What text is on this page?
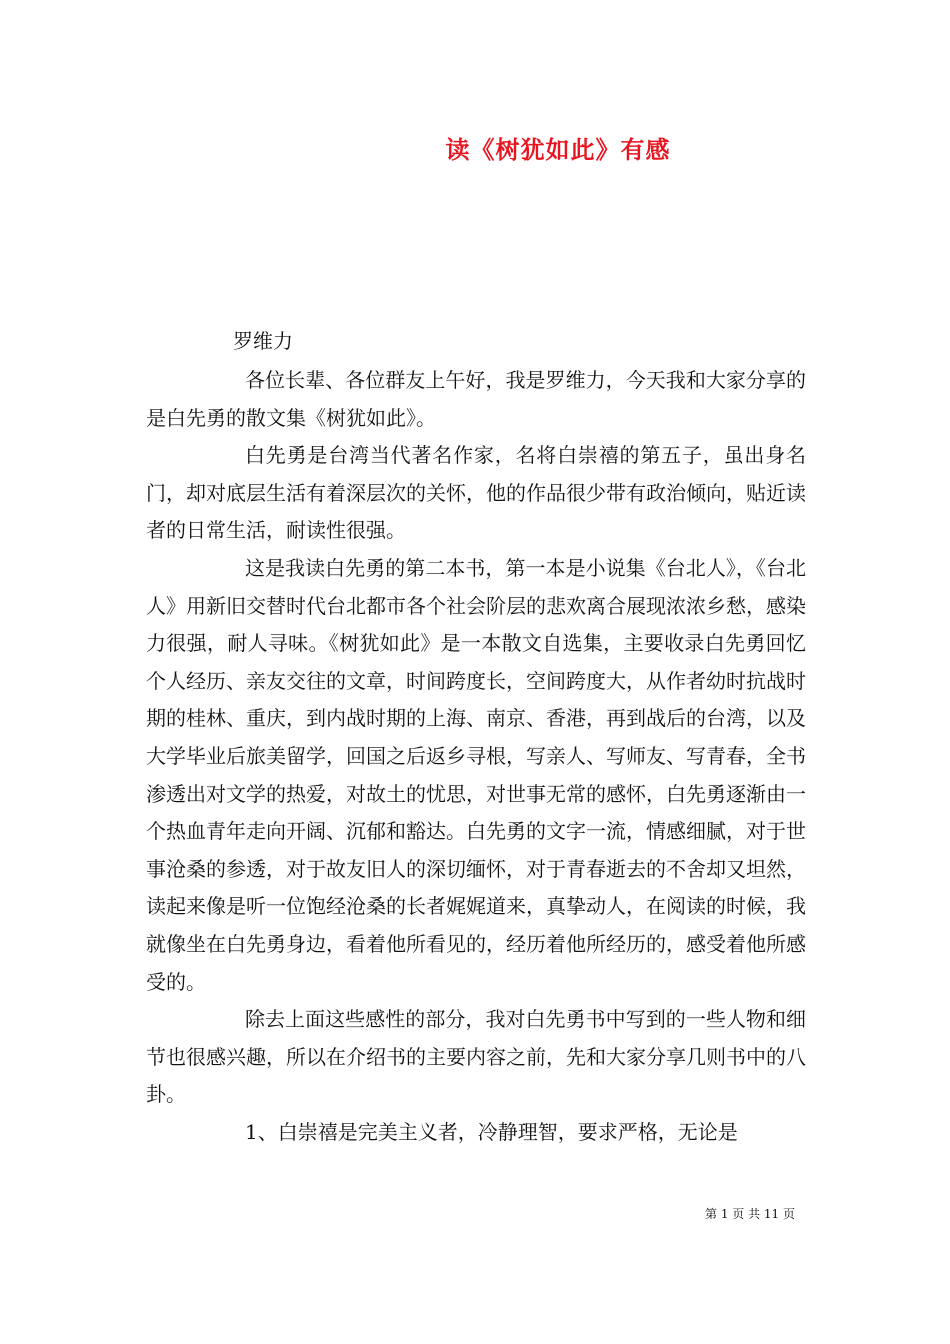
读《树犹如此》有感

罗维力

各位长辈、各位群友上午好，我是罗维力，今天我和大家分享的是白先勇的散文集《树犹如此》。

白先勇是台湾当代著名作家，名将白崇禧的第五子，虽出身名门，却对底层生活有着深层次的关怀，他的作品很少带有政治倾向，贴近读者的日常生活，耐读性很强。

这是我读白先勇的第二本书，第一本是小说集《台北人》，《台北人》用新旧交替时代台北都市各个社会阶层的悲欢离合展现浓浓乡愁，感染力很强，耐人寻味。《树犹如此》是一本散文自选集，主要收录白先勇回忆个人经历、亲友交往的文章，时间跨度长，空间跨度大，从作者幼时抗战时期的桂林、重庆，到内战时期的上海、南京、香港，再到战后的台湾，以及大学毕业后旅美留学，回国之后返乡寻根，写亲人、写师友、写青春，全书渗透出对文学的热爱，对故土的忧思，对世事无常的感怀，白先勇逐渐由一个热血青年走向开阔、沉郁和豁达。白先勇的文字一流，情感细腻，对于世事沧桑的参透，对于故友旧人的深切缅怀，对于青春逝去的不舍却又坦然，读起来像是听一位饱经沧桑的长者娓娓道来，真挚动人，在阅读的时候，我就像坐在白先勇身边，看着他所看见的，经历着他所经历的，感受着他所感受的。

除去上面这些感性的部分，我对白先勇书中写到的一些人物和细节也很感兴趣，所以在介绍书的主要内容之前，先和大家分享几则书中的八卦。

1、白崇禧是完美主义者，冷静理智，要求严格，无论是

第 1 页 共 11 页
